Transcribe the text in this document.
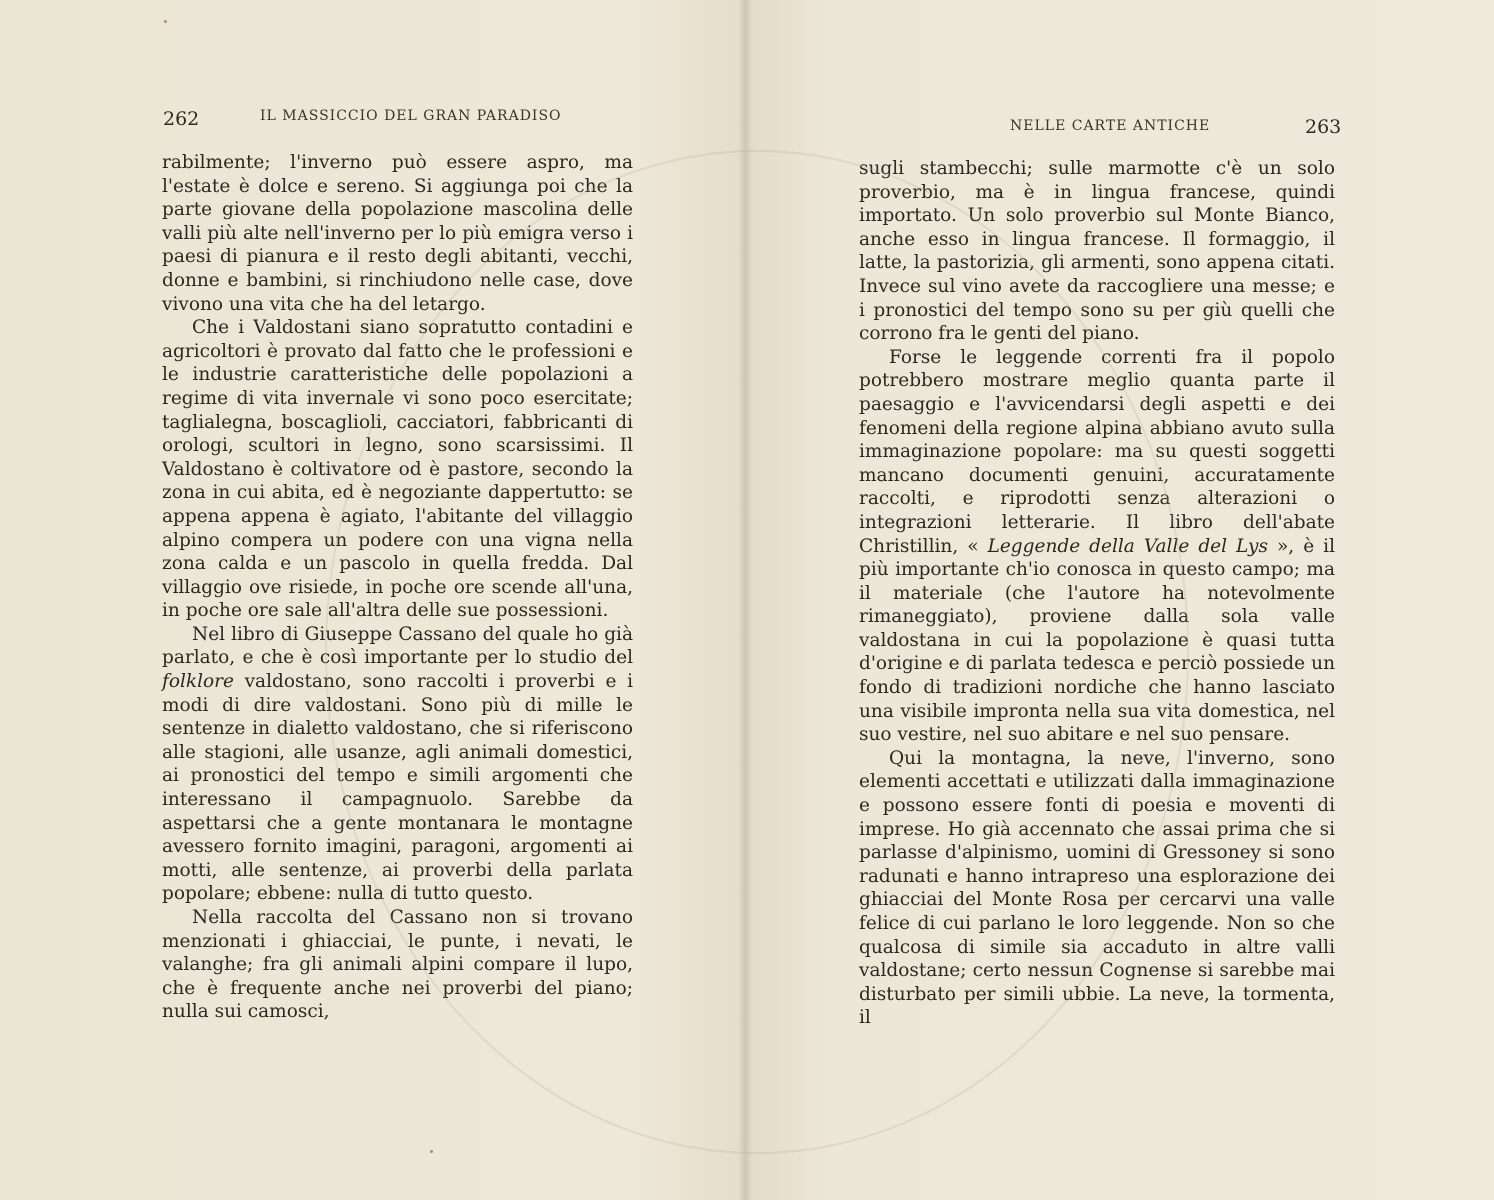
262	IL MASSICCIO DEL GRAN PARADISO

rabilmente; l'inverno può essere aspro, ma l'estate è dolce e sereno. Si aggiunga poi che la parte giovane della popolazione mascolina delle valli più alte nell'inverno per lo più emigra verso i paesi di pianura e il resto degli abitanti, vecchi, donne e bambini, si rinchiudono nelle case, dove vivono una vita che ha del letargo.

Che i Valdostani siano sopratutto contadini e agricoltori è provato dal fatto che le professioni e le industrie caratteristiche delle popolazioni a regime di vita invernale vi sono poco esercitate; taglialegna, boscaglioli, cacciatori, fabbricanti di orologi, scultori in legno, sono scarsissimi. Il Valdostano è coltivatore od è pastore, secondo la zona in cui abita, ed è negoziante dappertutto: se appena appena è agiato, l'abitante del villaggio alpino compera un podere con una vigna nella zona calda e un pascolo in quella fredda. Dal villaggio ove risiede, in poche ore scende all'una, in poche ore sale all'altra delle sue possessioni.

Nel libro di Giuseppe Cassano del quale ho già parlato, e che è così importante per lo studio del folklore valdostano, sono raccolti i proverbi e i modi di dire valdostani. Sono più di mille le sentenze in dialetto valdostano, che si riferiscono alle stagioni, alle usanze, agli animali domestici, ai pronostici del tempo e simili argomenti che interessano il campagnuolo. Sarebbe da aspettarsi che a gente montanara le montagne avessero fornito imagini, paragoni, argomenti ai motti, alle sentenze, ai proverbi della parlata popolare; ebbene: nulla di tutto questo.

Nella raccolta del Cassano non si trovano menzionati i ghiacciai, le punte, i nevati, le valanghe; fra gli animali alpini compare il lupo, che è frequente anche nei proverbi del piano; nulla sui camosci,

NELLE CARTE ANTICHE	263

sugli stambecchi; sulle marmotte c'è un solo proverbio, ma è in lingua francese, quindi importato. Un solo proverbio sul Monte Bianco, anche esso in lingua francese. Il formaggio, il latte, la pastorizia, gli armenti, sono appena citati. Invece sul vino avete da raccogliere una messe; e i pronostici del tempo sono su per giù quelli che corrono fra le genti del piano.

Forse le leggende correnti fra il popolo potrebbero mostrare meglio quanta parte il paesaggio e l'avvicendarsi degli aspetti e dei fenomeni della regione alpina abbiano avuto sulla immaginazione popolare: ma su questi soggetti mancano documenti genuini, accuratamente raccolti, e riprodotti senza alterazioni o integrazioni letterarie. Il libro dell'abate Christillin, « Leggende della Valle del Lys », è il più importante ch'io conosca in questo campo; ma il materiale (che l'autore ha notevolmente rimaneggiato), proviene dalla sola valle valdostana in cui la popolazione è quasi tutta d'origine e di parlata tedesca e perciò possiede un fondo di tradizioni nordiche che hanno lasciato una visibile impronta nella sua vita domestica, nel suo vestire, nel suo abitare e nel suo pensare.

Qui la montagna, la neve, l'inverno, sono elementi accettati e utilizzati dalla immaginazione e possono essere fonti di poesia e moventi di imprese. Ho già accennato che assai prima che si parlasse d'alpinismo, uomini di Gressoney si sono radunati e hanno intrapreso una esplorazione dei ghiacciai del Monte Rosa per cercarvi una valle felice di cui parlano le loro leggende. Non so che qualcosa di simile sia accaduto in altre valli valdostane; certo nessun Cognense si sarebbe mai disturbato per simili ubbie. La neve, la tormenta, il
